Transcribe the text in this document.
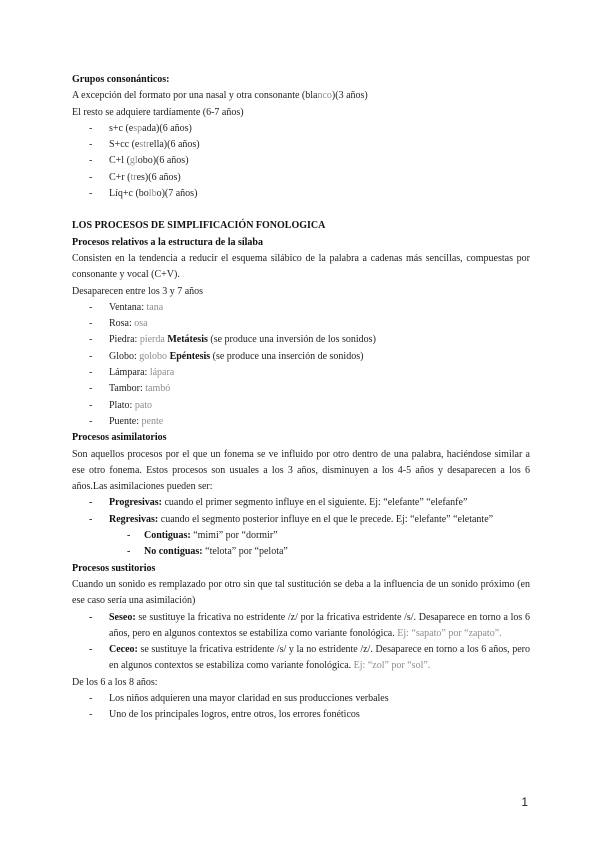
Grupos consonánticos:
A excepción del formato por una nasal y otra consonante (blanco)(3 años)
El resto se adquiere tardíamente (6-7 años)
- s+c (espada)(6 años)
- S+cc (estrella)(6 años)
- C+l (globo)(6 años)
- C+r (tres)(6 años)
- Líq+c (bolbo)(7 años)
LOS PROCESOS DE SIMPLIFICACIÓN FONOLOGICA
Procesos relativos a la estructura de la sílaba
Consisten en la tendencia a reducir el esquema silábico de la palabra a cadenas más sencillas, compuestas por consonante y vocal (C+V).
Desaparecen entre los 3 y 7 años
- Ventana: tana
- Rosa: osa
- Piedra: pierda Metátesis (se produce una inversión de los sonidos)
- Globo: golobo Epéntesis (se produce una inserción de sonidos)
- Lámpara: lápara
- Tambor: tambó
- Plato: pato
- Puente: pente
Procesos asimilatorios
Son aquellos procesos por el que un fonema se ve influido por otro dentro de una palabra, haciéndose similar a ese otro fonema. Estos procesos son usuales a los 3 años, disminuyen a los 4-5 años y desaparecen a los 6 años.Las asimilaciones pueden ser:
- Progresivas: cuando el primer segmento influye en el siguiente. Ej: “elefante” “elefanfe”
- Regresivas: cuando el segmento posterior influye en el que le precede. Ej: “elefante” “eletante”
- Contiguas: “mimi” por “dormir”
- No contiguas: “telota” por “pelota”
Procesos sustitorios
Cuando un sonido es remplazado por otro sin que tal sustitución se deba a la influencia de un sonido próximo (en ese caso sería una asimilación)
- Seseo: se sustituye la fricativa no estridente /z/ por la fricativa estridente /s/. Desaparece en torno a los 6 años, pero en algunos contextos se estabiliza como variante fonológica. Ej: “sapato” por “zapato”.
- Ceceo: se sustituye la fricativa estridente /s/ y la no estridente /z/. Desaparece en torno a los 6 años, pero en algunos contextos se estabiliza como variante fonológica. Ej: “zol” por “sol”.
De los 6 a los 8 años:
- Los niños adquieren una mayor claridad en sus producciones verbales
- Uno de los principales logros, entre otros, los errores fonéticos
1
